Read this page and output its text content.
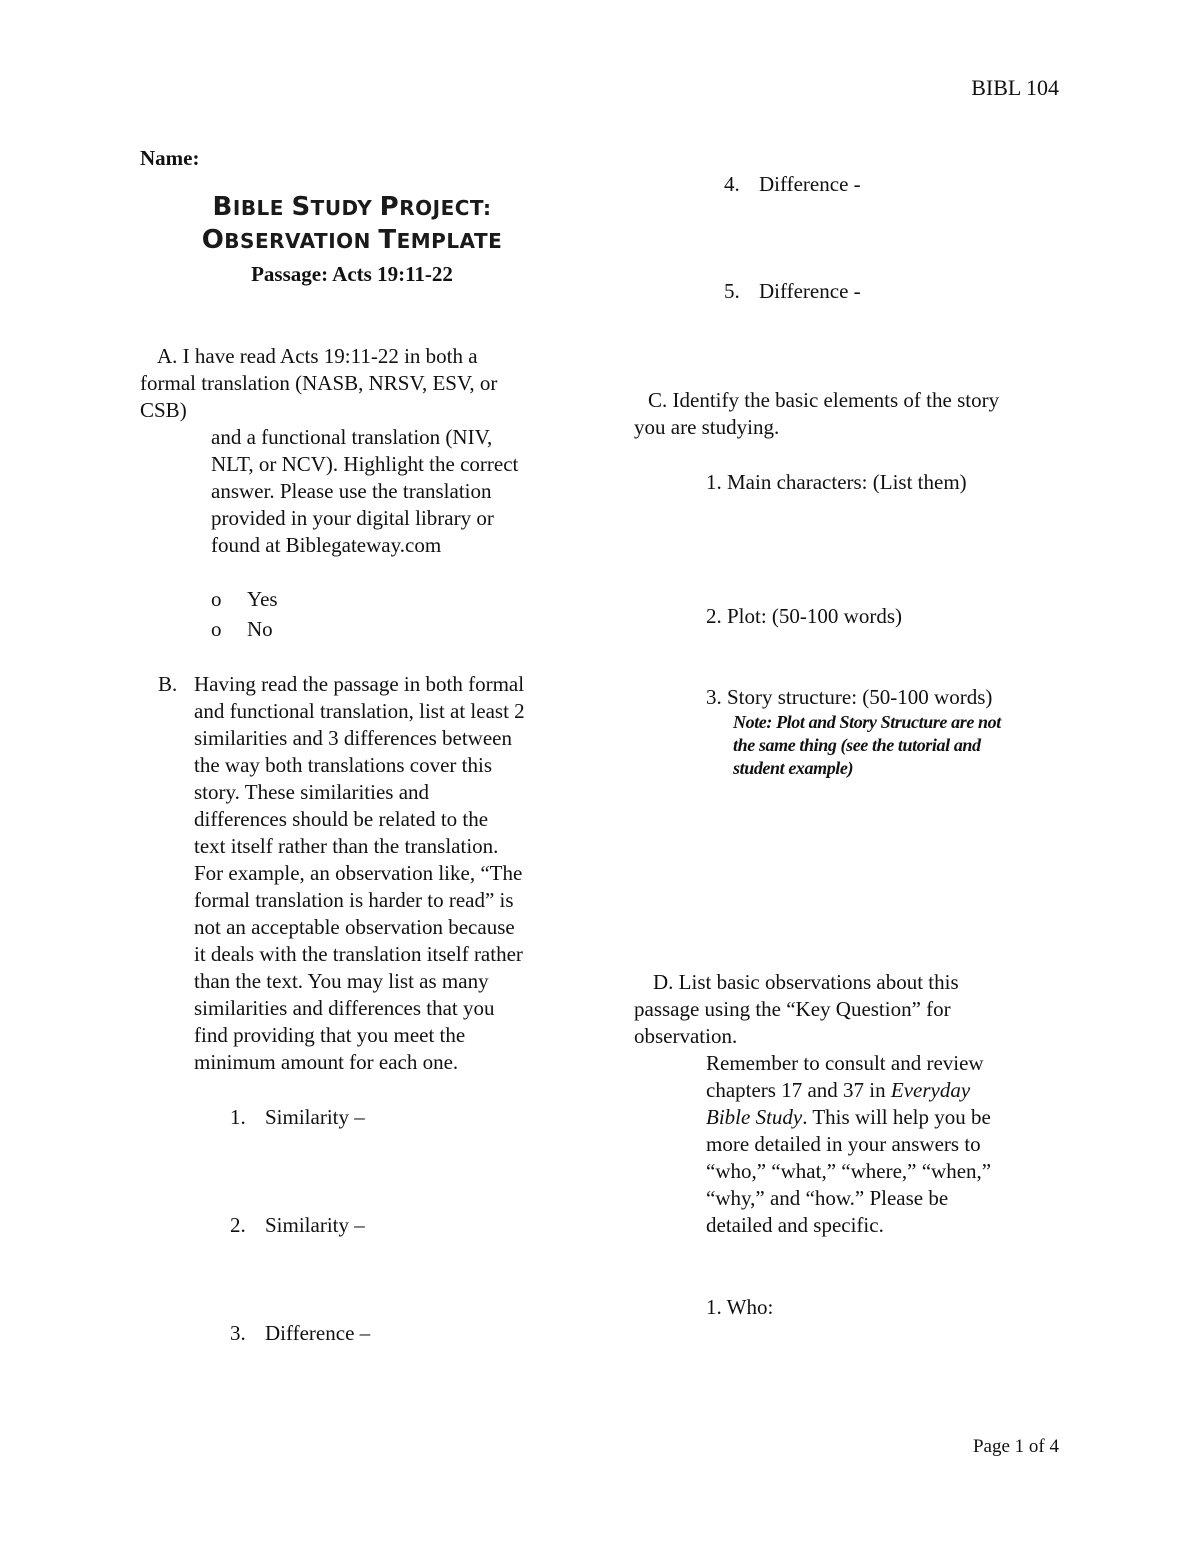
BIBL 104
Name:
BIBLE STUDY PROJECT:
OBSERVATION TEMPLATE
Passage: Acts 19:11-22
A. I have read Acts 19:11-22 in both a
formal translation (NASB, NRSV, ESV, or
CSB)
and a functional translation (NIV,
NLT, or NCV). Highlight the correct
answer. Please use the translation
provided in your digital library or
found at Biblegateway.com
o Yes
o No
B. Having read the passage in both formal
and functional translation, list at least 2
similarities and 3 differences between
the way both translations cover this
story. These similarities and
differences should be related to the
text itself rather than the translation.
For example, an observation like, “The
formal translation is harder to read” is
not an acceptable observation because
it deals with the translation itself rather
than the text. You may list as many
similarities and differences that you
find providing that you meet the
minimum amount for each one.
1. Similarity –
2. Similarity –
3. Difference –
4. Difference -
5. Difference -
C. Identify the basic elements of the story
you are studying.
1. Main characters: (List them)
2. Plot: (50-100 words)
3. Story structure: (50-100 words)
Note: Plot and Story Structure are not
the same thing (see the tutorial and
student example)
D. List basic observations about this
passage using the “Key Question” for
observation.
Remember to consult and review
chapters 17 and 37 in Everyday
Bible Study. This will help you be
more detailed in your answers to
“who,” “what,” “where,” “when,”
“why,” and “how.” Please be
detailed and specific.
1. Who:
Page 1 of 4
